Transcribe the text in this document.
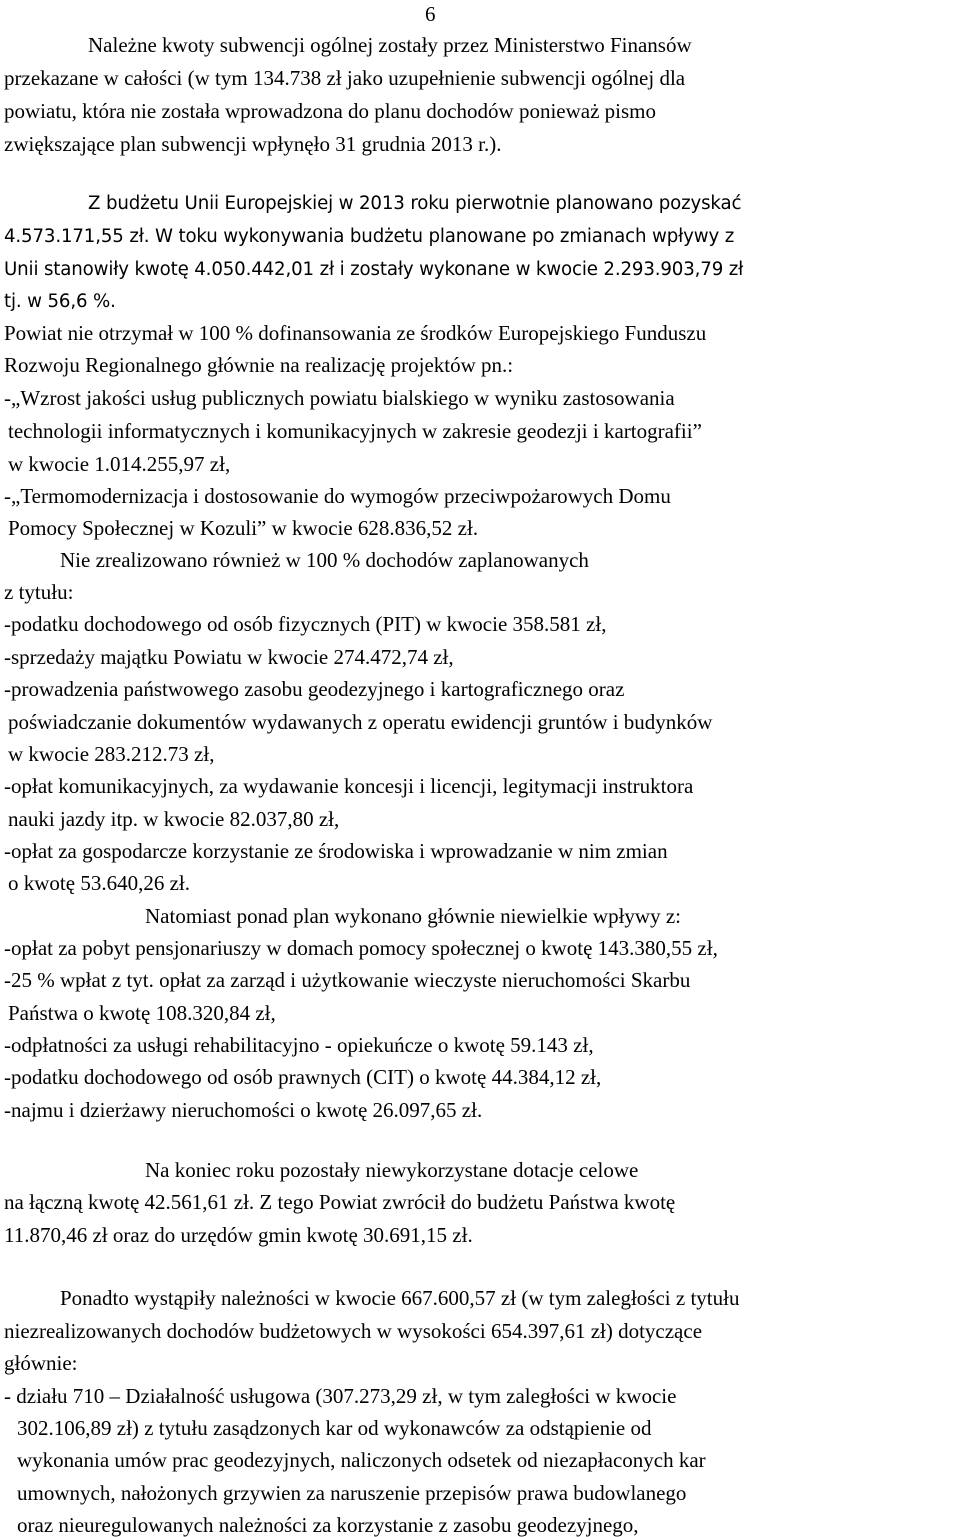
6
Należne kwoty subwencji ogólnej zostały przez Ministerstwo Finansów
przekazane w całości (w tym 134.738 zł jako uzupełnienie subwencji ogólnej dla
powiatu, która nie została wprowadzona do planu dochodów ponieważ pismo
zwiększające plan subwencji wpłynęło 31 grudnia 2013 r.).
Z budżetu Unii Europejskiej w 2013 roku pierwotnie planowano pozyskać
4.573.171,55 zł. W toku wykonywania budżetu planowane po zmianach wpływy z
Unii stanowiły kwotę 4.050.442,01 zł i zostały wykonane w kwocie 2.293.903,79 zł
tj. w 56,6 %.
Powiat nie otrzymał w 100 % dofinansowania ze środków Europejskiego Funduszu
Rozwoju Regionalnego głównie na realizację projektów pn.:
-„Wzrost jakości usług publicznych powiatu bialskiego w wyniku zastosowania
technologii informatycznych i komunikacyjnych w zakresie geodezji i kartografii”
w kwocie 1.014.255,97 zł,
-„Termomodernizacja i dostosowanie do wymogów przeciwpożarowych Domu
Pomocy Społecznej w Kozuli” w kwocie 628.836,52 zł.
Nie zrealizowano również w 100 % dochodów zaplanowanych
z tytułu:
-podatku dochodowego od osób fizycznych (PIT) w kwocie 358.581 zł,
-sprzedaży majątku Powiatu w kwocie 274.472,74 zł,
-prowadzenia państwowego zasobu geodezyjnego i kartograficznego oraz
poświadczanie dokumentów wydawanych z operatu ewidencji gruntów i budynków
w kwocie 283.212.73 zł,
-opłat komunikacyjnych, za wydawanie koncesji i licencji, legitymacji instruktora
nauki jazdy itp. w kwocie 82.037,80 zł,
-opłat za gospodarcze korzystanie ze środowiska i wprowadzanie w nim zmian
o kwotę 53.640,26 zł.
Natomiast ponad plan wykonano głównie niewielkie wpływy z:
-opłat za pobyt pensjonariuszy w domach pomocy społecznej o kwotę 143.380,55 zł,
-25 % wpłat z tyt. opłat za zarząd i użytkowanie wieczyste nieruchomości Skarbu
Państwa o kwotę 108.320,84 zł,
-odpłatności za usługi rehabilitacyjno - opiekuńcze o kwotę 59.143 zł,
-podatku dochodowego od osób prawnych (CIT) o kwotę 44.384,12 zł,
-najmu i dzierżawy nieruchomości o kwotę 26.097,65 zł.
Na koniec roku pozostały niewykorzystane dotacje celowe
na łączną kwotę 42.561,61 zł. Z tego Powiat zwrócił do budżetu Państwa kwotę
11.870,46 zł oraz do urzędów gmin kwotę 30.691,15 zł.
Ponadto wystąpiły należności w kwocie 667.600,57 zł (w tym zaległości z tytułu
niezrealizowanych dochodów budżetowych w wysokości 654.397,61 zł) dotyczące
głównie:
- działu 710 – Działalność usługowa (307.273,29 zł, w tym zaległości w kwocie
302.106,89 zł) z tytułu zasądzonych kar od wykonawców za odstąpienie od
wykonania umów prac geodezyjnych, naliczonych odsetek od niezapłaconych kar
umownych, nałożonych grzywien za naruszenie przepisów prawa budowlanego
oraz nieuregulowanych należności za korzystanie z zasobu geodezyjnego,
